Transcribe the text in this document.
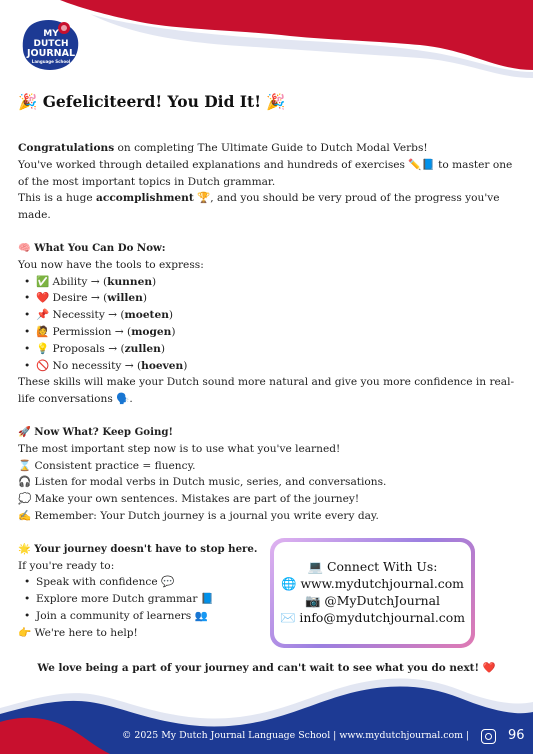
MY
DUTCH
JOURNAL
Language School
🎉 Gefeliciteerd! You Did It! 🎉

Congratulations on completing The Ultimate Guide to Dutch Modal Verbs!

You've worked through detailed explanations and hundreds of exercises ✏️📘 to master one of the most important topics in Dutch grammar.

This is a huge accomplishment 🏆, and you should be very proud of the progress you've made.

🧠 What You Can Do Now:

You now have the tools to express:

• ✅ Ability → (kunnen)
• ❤️ Desire → (willen)
• 📌 Necessity → (moeten)
• 🙋 Permission → (mogen)
• 💡 Proposals → (zullen)
• 🚫 No necessity → (hoeven)

These skills will make your Dutch sound more natural and give you more confidence in real-life conversations 🗣️.

🚀 Now What? Keep Going!

The most important step now is to use what you've learned!

⌛ Consistent practice = fluency.

🎧 Listen for modal verbs in Dutch music, series, and conversations.

💭 Make your own sentences. Mistakes are part of the journey!

✍️ Remember: Your Dutch journey is a journal you write every day.

🌟 Your journey doesn't have to stop here.

If you're ready to:

• Speak with confidence 💬
• Explore more Dutch grammar 📘
• Join a community of learners 👥

👉 We're here to help!

💻 Connect With Us:
🌐 www.mydutchjournal.com
📷 @MyDutchJournal
✉️ info@mydutchjournal.com
We love being a part of your journey and can't wait to see what you do next! ❤️
© 2025 My Dutch Journal Language School | www.mydutchjournal.com |	96
